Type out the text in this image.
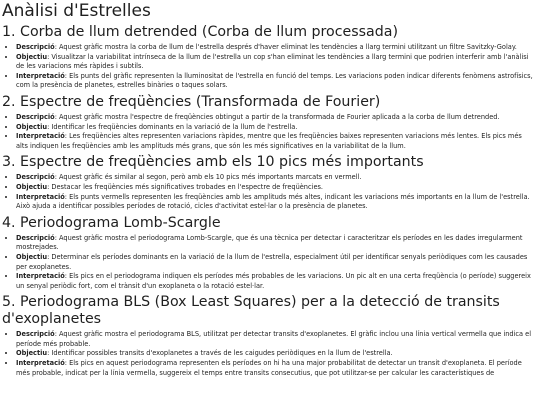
Anàlisi d'Estrelles
1. Corba de llum detrended (Corba de llum processada)
• Descripció: Aquest gràfic mostra la corba de llum de l'estrella després d'haver eliminat les tendències a llarg termini utilitzant un filtre Savitzky-Golay.
• Objectiu: Visualitzar la variabilitat intrínseca de la llum de l'estrella un cop s'han eliminat les tendències a llarg termini que podrien interferir amb l'anàlisi de les variacions més ràpides i subtils.
• Interpretació: Els punts del gràfic representen la lluminositat de l'estrella en funció del temps. Les variacions poden indicar diferents fenòmens astrofísics, com la presència de planetes, estrelles binàries o taques solars.
2. Espectre de freqüències (Transformada de Fourier)
• Descripció: Aquest gràfic mostra l'espectre de freqüències obtingut a partir de la transformada de Fourier aplicada a la corba de llum detrended.
• Objectiu: Identificar les freqüències dominants en la variació de la llum de l'estrella.
• Interpretació: Les freqüències altes representen variacions ràpides, mentre que les freqüències baixes representen variacions més lentes. Els pics més alts indiquen les freqüències amb les amplituds més grans, que són les més significatives en la variabilitat de la llum.
3. Espectre de freqüències amb els 10 pics més importants
• Descripció: Aquest gràfic és similar al segon, però amb els 10 pics més importants marcats en vermell.
• Objectiu: Destacar les freqüències més significatives trobades en l'espectre de freqüències.
• Interpretació: Els punts vermells representen les freqüències amb les amplituds més altes, indicant les variacions més importants en la llum de l'estrella. Això ajuda a identificar possibles períodes de rotació, cicles d'activitat estel·lar o la presència de planetes.
4. Periodograma Lomb-Scargle
• Descripció: Aquest gràfic mostra el periodograma Lomb-Scargle, que és una tècnica per detectar i caracteritzar els períodes en les dades irregularment mostrejades.
• Objectiu: Determinar els períodes dominants en la variació de la llum de l'estrella, especialment útil per identificar senyals periòdiques com les causades per exoplanetes.
• Interpretació: Els pics en el periodograma indiquen els períodes més probables de les variacions. Un pic alt en una certa freqüència (o període) suggereix un senyal periòdic fort, com el trànsit d'un exoplaneta o la rotació estel·lar.
5. Periodograma BLS (Box Least Squares) per a la detecció de transits d'exoplanetes
• Descripció: Aquest gràfic mostra el periodograma BLS, utilitzat per detectar transits d'exoplanetes. El gràfic inclou una línia vertical vermella que indica el període més probable.
• Objectiu: Identificar possibles transits d'exoplanetes a través de les caigudes periòdiques en la llum de l'estrella.
• Interpretació: Els pics en aquest periodograma representen els períodes on hi ha una major probabilitat de detectar un transit d'exoplaneta. El període més probable, indicat per la línia vermella, suggereix el temps entre transits consecutius, que pot utilitzar-se per calcular les característiques de
